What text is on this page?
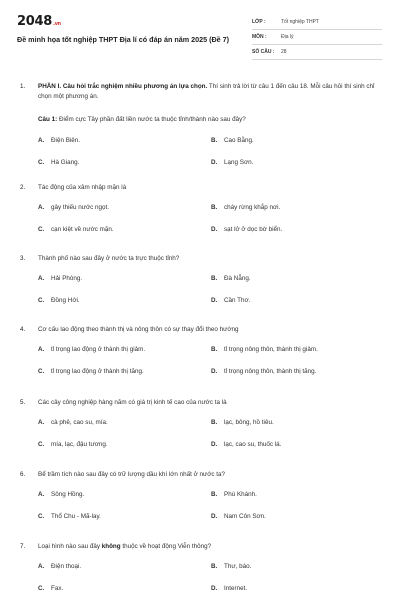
2048.vn
Đề minh họa tốt nghiệp THPT Địa lí có đáp án năm 2025 (Đề 7)
LỚP :	Tốt nghiệp THPT
MÔN :	Địa lý
SỐ CÂU :	28
1.	PHẦN I. Câu hỏi trắc nghiệm nhiều phương án lựa chọn. Thí sinh trả lời từ câu 1 đến câu 18. Mỗi câu hỏi thí sinh chỉ chọn một phương án.
Câu 1: Điểm cực Tây phần đất liền nước ta thuộc tỉnh/thành nào sau đây?
A.	Điện Biên.	B.	Cao Bằng.
C.	Hà Giang.	D.	Lạng Sơn.
2.	Tác động của xâm nhập mặn là
A.	gây thiếu nước ngọt.	B.	cháy rừng khắp nơi.
C.	cạn kiệt về nước mặn.	D.	sạt lở ở dọc bờ biển.
3.	Thành phố nào sau đây ở nước ta trực thuộc tỉnh?
A.	Hải Phòng.	B.	Đà Nẵng.
C.	Đồng Hới.	D.	Cần Thơ.
4.	Cơ cấu lao động theo thành thị và nông thôn có sự thay đổi theo hướng
A.	tỉ trọng lao động ở thành thị giảm.	B.	tỉ trọng nông thôn, thành thị giảm.
C.	tỉ trọng lao động ở thành thị tăng.	D.	tỉ trọng nông thôn, thành thị tăng.
5.	Các cây công nghiệp hàng năm có giá trị kinh tế cao của nước ta là
A.	cà phê, cao su, mía.	B.	lạc, bông, hồ tiêu.
C.	mía, lạc, đậu tương.	D.	lạc, cao su, thuốc lá.
6.	Bể trầm tích nào sau đây có trữ lượng dầu khí lớn nhất ở nước ta?
A.	Sông Hồng.	B.	Phú Khánh.
C.	Thổ Chu - Mã-lay.	D.	Nam Côn Sơn.
7.	Loại hình nào sau đây không thuộc về hoạt động Viễn thông?
A.	Điện thoại.	B.	Thư, báo.
C.	Fax.	D.	Internet.
